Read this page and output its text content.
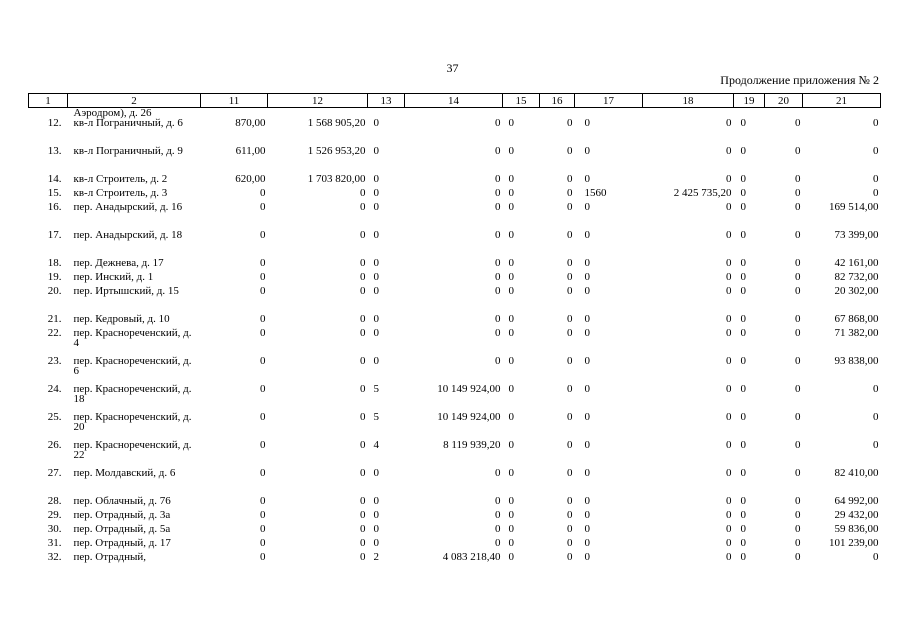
37
Продолжение приложения № 2
1	2	11	12	13	14	15	16	17	18	19	20	21
	Аэродром), д. 26											
12.	кв-л Пограничный, д. 6	870,00	1 568 905,20	0	0	0	0	0	0	0	0	0
13.	кв-л Пограничный, д. 9	611,00	1 526 953,20	0	0	0	0	0	0	0	0	0
14.	кв-л Строитель, д. 2	620,00	1 703 820,00	0	0	0	0	0	0	0	0	0
15.	кв-л Строитель, д. 3	0	0	0	0	0	0	1560	2 425 735,20	0	0	0
16.	пер. Анадырский, д. 16	0	0	0	0	0	0	0	0	0	0	169 514,00
17.	пер. Анадырский, д. 18	0	0	0	0	0	0	0	0	0	0	73 399,00
18.	пер. Дежнева, д. 17	0	0	0	0	0	0	0	0	0	0	42 161,00
19.	пер. Инский, д. 1	0	0	0	0	0	0	0	0	0	0	82 732,00
20.	пер. Иртышский, д. 15	0	0	0	0	0	0	0	0	0	0	20 302,00
21.	пер. Кедровый, д. 10	0	0	0	0	0	0	0	0	0	0	67 868,00
22.	пер. Краснореченский, д. 4	0	0	0	0	0	0	0	0	0	0	71 382,00
23.	пер. Краснореченский, д. 6	0	0	0	0	0	0	0	0	0	0	93 838,00
24.	пер. Краснореченский, д. 18	0	0	5	10 149 924,00	0	0	0	0	0	0	0
25.	пер. Краснореченский, д. 20	0	0	5	10 149 924,00	0	0	0	0	0	0	0
26.	пер. Краснореченский, д. 22	0	0	4	8 119 939,20	0	0	0	0	0	0	0
27.	пер. Молдавский, д. 6	0	0	0	0	0	0	0	0	0	0	82 410,00
28.	пер. Облачный, д. 76	0	0	0	0	0	0	0	0	0	0	64 992,00
29.	пер. Отрадный, д. 3а	0	0	0	0	0	0	0	0	0	0	29 432,00
30.	пер. Отрадный, д. 5а	0	0	0	0	0	0	0	0	0	0	59 836,00
31.	пер. Отрадный, д. 17	0	0	0	0	0	0	0	0	0	0	101 239,00
32.	пер. Отрадный,	0	0	2	4 083 218,40	0	0	0	0	0	0	0
